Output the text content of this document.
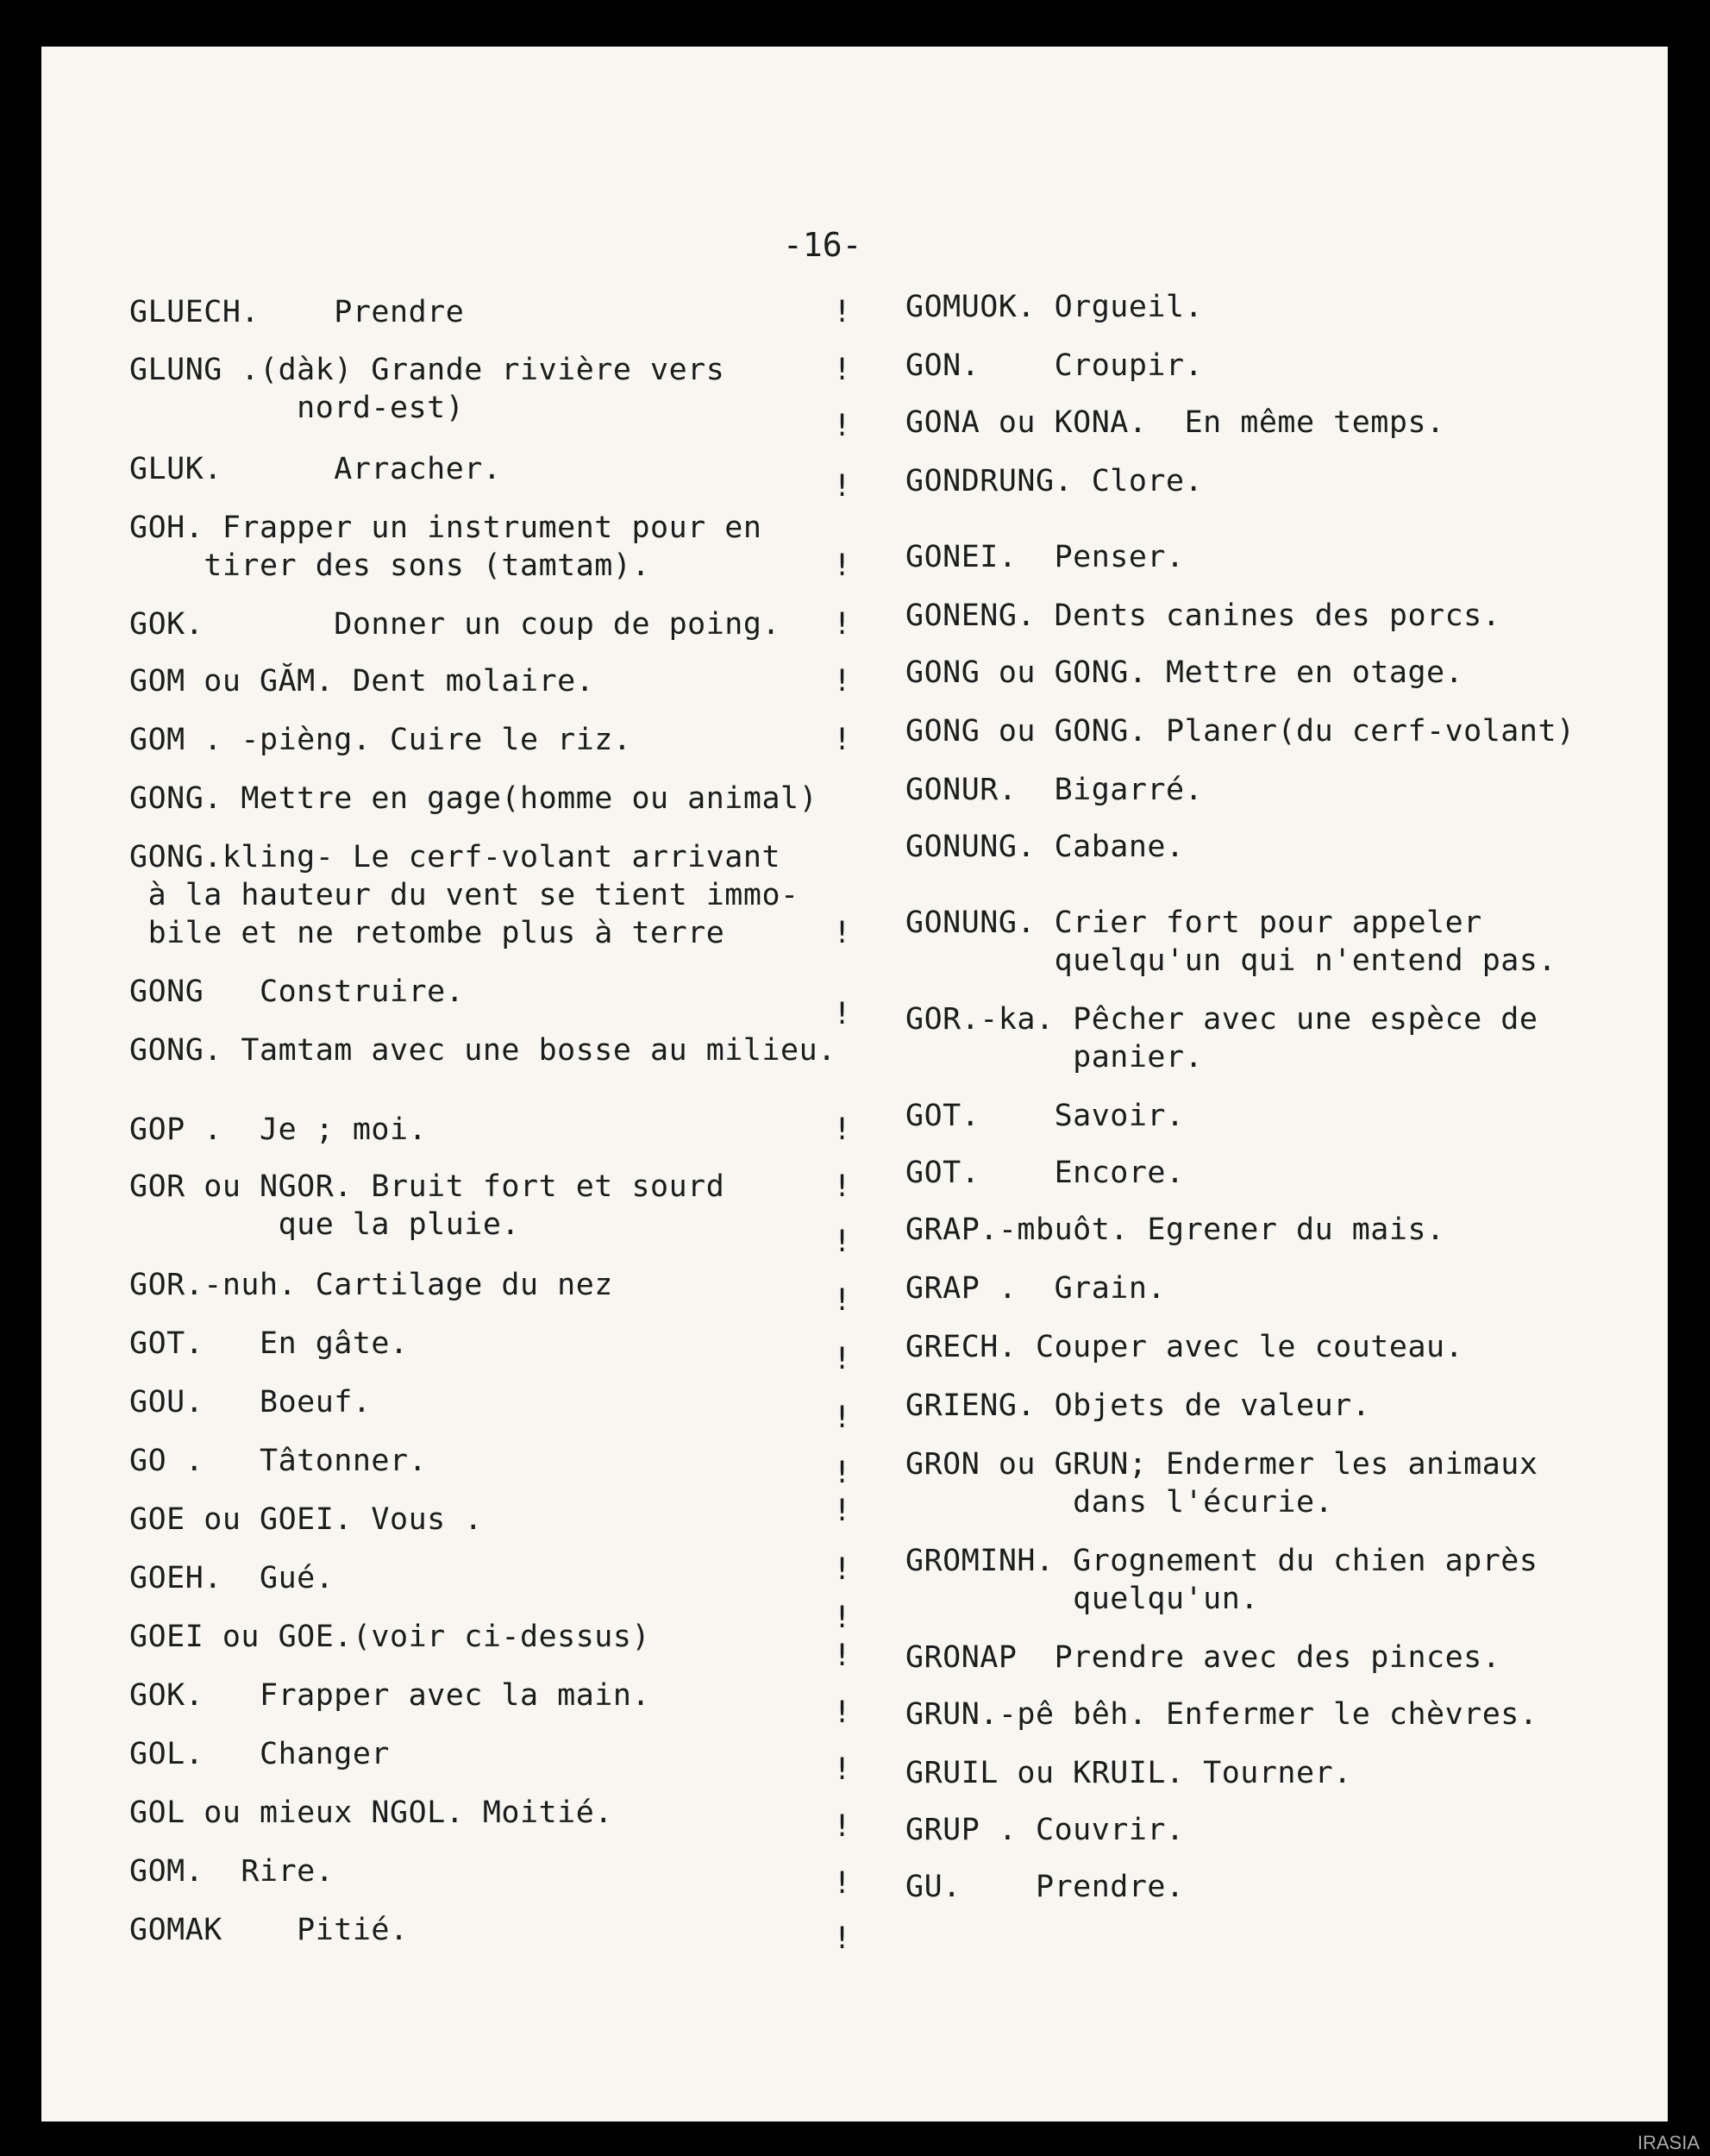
-16-
GLUECH.    Prendre
GLUNG .(dàk) Grande rivière vers
nord-est)
GLUK.      Arracher.
GOH. Frapper un instrument pour en
tirer des sons (tamtam).
GOK.       Donner un coup de poing.
GOM ou GĂM. Dent molaire.
GOM . -pièng. Cuire le riz.
GONG. Mettre en gage(homme ou animal)
GONG.kling- Le cerf-volant arrivant
à la hauteur du vent se tient immo-
bile et ne retombe plus à terre
GONG   Construire.
GONG. Tamtam avec une bosse au milieu.
GOP .  Je ; moi.
GOR ou NGOR. Bruit fort et sourd
que la pluie.
GOR.-nuh. Cartilage du nez
GOT.   En gâte.
GOU.   Boeuf.
GO .   Tâtonner.
GOE ou GOEI. Vous .
GOEH.  Gué.
GOEI ou GOE.(voir ci-dessus)
GOK.   Frapper avec la main.
GOL.   Changer
GOL ou mieux NGOL. Moitié.
GOM.  Rire.
GOMAK    Pitié.
!
!
!
!
!
!
!
!
!
!
!
!
!
!
!
!
!
!
!
!
!
!
!
!
!
!
GOMUOK. Orgueil.
GON.    Croupir.
GONA ou KONA.  En même temps.
GONDRUNG. Clore.
GONEI.  Penser.
GONENG. Dents canines des porcs.
GONG ou GONG. Mettre en otage.
GONG ou GONG. Planer(du cerf-volant)
GONUR.  Bigarré.
GONUNG. Cabane.
GONUNG. Crier fort pour appeler
quelqu'un qui n'entend pas.
GOR.-ka. Pêcher avec une espèce de
panier.
GOT.    Savoir.
GOT.    Encore.
GRAP.-mbuôt. Egrener du mais.
GRAP .  Grain.
GRECH. Couper avec le couteau.
GRIENG. Objets de valeur.
GRON ou GRUN; Endermer les animaux
dans l'écurie.
GROMINH. Grognement du chien après
quelqu'un.
GRONAP  Prendre avec des pinces.
GRUN.-pê bêh. Enfermer le chèvres.
GRUIL ou KRUIL. Tourner.
GRUP . Couvrir.
GU.    Prendre.
IRASIA
